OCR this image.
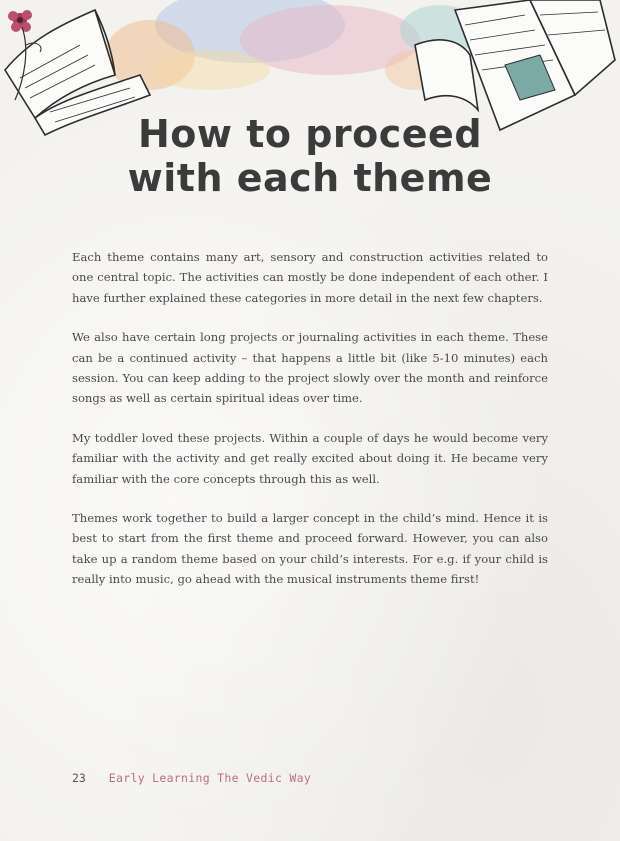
How to proceed
with each theme

Each theme contains many art, sensory and construction activities related to one central topic. The activities can mostly be done independent of each other. I have further explained these categories in more detail in the next few chapters.

We also have certain long projects or journaling activities in each theme. These can be a continued activity – that happens a little bit (like 5-10 minutes) each session. You can keep adding to the project slowly over the month and reinforce songs as well as certain spiritual ideas over time.

My toddler loved these projects. Within a couple of days he would become very familiar with the activity and get really excited about doing it. He became very familiar with the core concepts through this as well.

Themes work together to build a larger concept in the child’s mind. Hence it is best to start from the first theme and proceed forward. However, you can also take up a random theme based on your child’s interests. For e.g. if your child is really into music, go ahead with the musical instruments theme first!

23 Early Learning The Vedic Way
